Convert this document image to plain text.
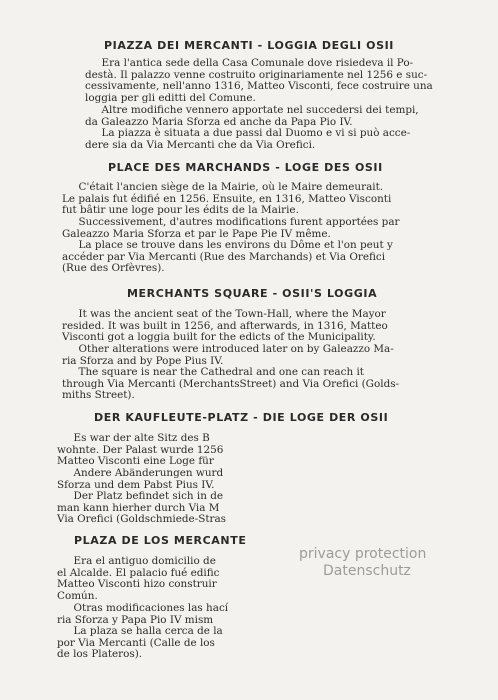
PIAZZA DEI MERCANTI - LOGGIA DEGLI OSII
Era l'antica sede della Casa Comunale dove risiedeva il Po-
destà. Il palazzo venne costruito originariamente nel 1256 e suc-
cessivamente, nell'anno 1316, Matteo Visconti, fece costruire una
loggia per gli editti del Comune.
Altre modifiche vennero apportate nel succedersi dei tempi,
da Galeazzo Maria Sforza ed anche da Papa Pio IV.
La piazza è situata a due passi dal Duomo e vi si può acce-
dere sia da Via Mercanti che da Via Orefici.
PLACE DES MARCHANDS - LOGE DES OSII
C'était l'ancien siège de la Mairie, où le Maire demeurait.
Le palais fut édifié en 1256. Ensuite, en 1316, Matteo Visconti
fut bâtir une loge pour les édits de la Mairie.
Successivement, d'autres modifications furent apportées par
Galeazzo Maria Sforza et par le Pape Pie IV même.
La place se trouve dans les environs du Dôme et l'on peut y
accéder par Via Mercanti (Rue des Marchands) et Via Orefici
(Rue des Orfèvres).
MERCHANTS SQUARE - OSII'S LOGGIA
It was the ancient seat of the Town-Hall, where the Mayor
resided. It was built in 1256, and afterwards, in 1316, Matteo
Visconti got a loggia built for the edicts of the Municipality.
Other alterations were introduced later on by Galeazzo Ma-
ria Sforza and by Pope Pius IV.
The square is near the Cathedral and one can reach it
through Via Mercanti (MerchantsStreet) and Via Orefici (Golds-
miths Street).
DER KAUFLEUTE-PLATZ - DIE LOGE DER OSII
Es war der alte Sitz des B
wohnte. Der Palast wurde 1256
Matteo Visconti eine Loge für
Andere Abänderungen wurd
Sforza und dem Pabst Pius IV.
Der Platz befindet sich in de
man kann hierher durch Via M
Via Orefici (Goldschmiede-Stras
PLAZA DE LOS MERCANTE
Era el antiguo domicilio de
el Alcalde. El palacio fué edific
Matteo Visconti hizo construir
Común.
Otras modificaciones las hací
ria Sforza y Papa Pio IV mism
La plaza se halla cerca de la
por Via Mercanti (Calle de los
de los Plateros).
privacy protection
Datenschutz
